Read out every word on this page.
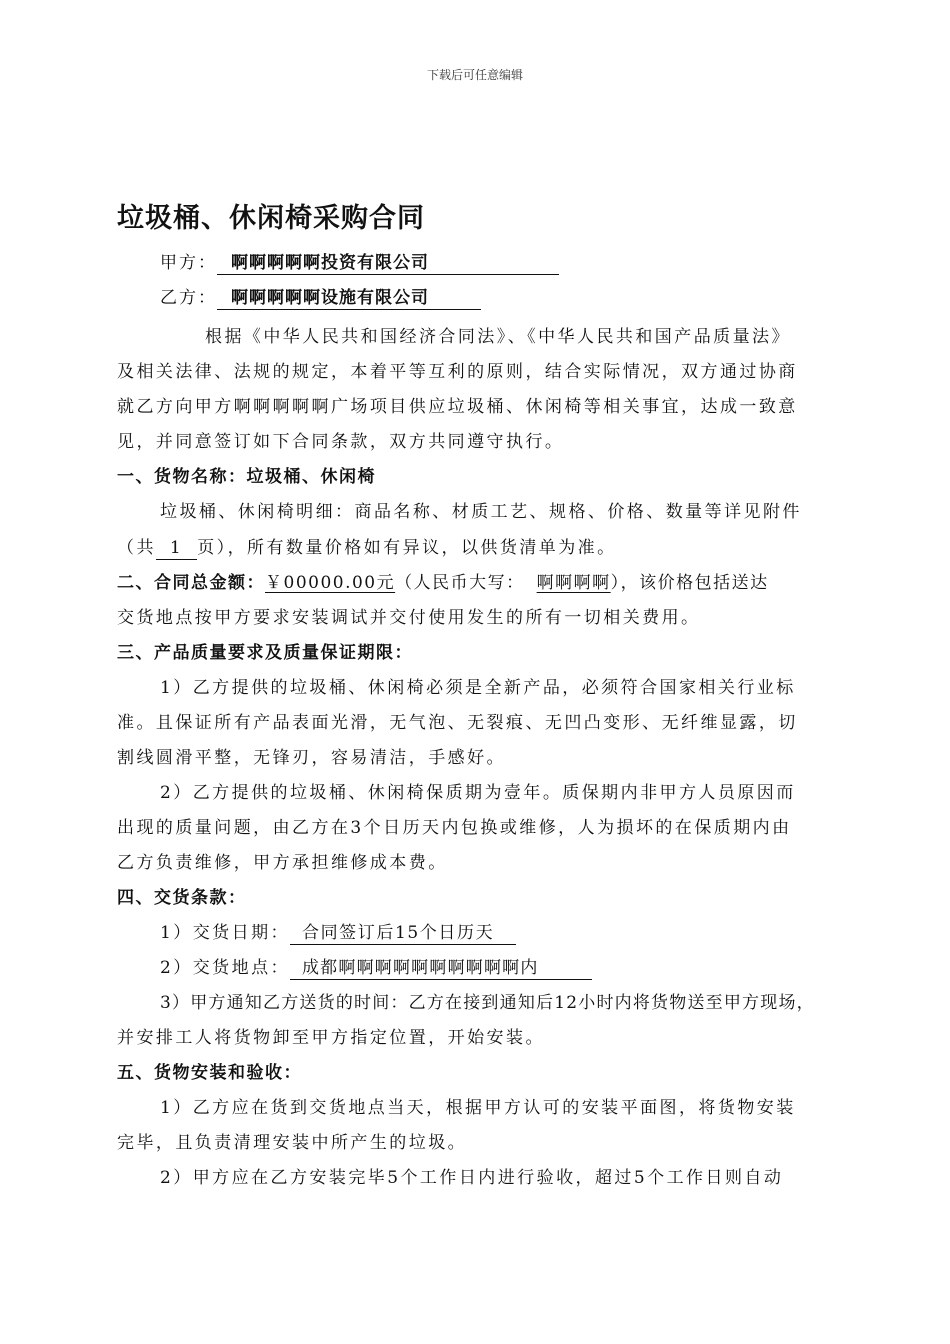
下载后可任意编辑
垃圾桶、休闲椅采购合同
甲方： 啊啊啊啊啊投资有限公司
乙方： 啊啊啊啊啊设施有限公司
根据《中华人民共和国经济合同法》、《中华人民共和国产品质量法》
及相关法律、法规的规定，本着平等互利的原则，结合实际情况，双方通过协商
就乙方向甲方啊啊啊啊啊广场项目供应垃圾桶、休闲椅等相关事宜，达成一致意
见，并同意签订如下合同条款，双方共同遵守执行。
一、货物名称：垃圾桶、休闲椅
垃圾桶、休闲椅明细：商品名称、材质工艺、规格、价格、数量等详见附件
（共 1 页），所有数量价格如有异议，以供货清单为准。
二、合同总金额：￥00000.00元（人民币大写： 啊啊啊啊），该价格包括送达
交货地点按甲方要求安装调试并交付使用发生的所有一切相关费用。
三、产品质量要求及质量保证期限：
1）乙方提供的垃圾桶、休闲椅必须是全新产品，必须符合国家相关行业标
准。且保证所有产品表面光滑，无气泡、无裂痕、无凹凸变形、无纤维显露，切
割线圆滑平整，无锋刃，容易清洁，手感好。
2）乙方提供的垃圾桶、休闲椅保质期为壹年。质保期内非甲方人员原因而
出现的质量问题，由乙方在3个日历天内包换或维修，人为损坏的在保质期内由
乙方负责维修，甲方承担维修成本费。
四、交货条款：
1）交货日期： 合同签订后15个日历天
2）交货地点： 成都啊啊啊啊啊啊啊啊啊啊内
3）甲方通知乙方送货的时间：乙方在接到通知后12小时内将货物送至甲方现场，
并安排工人将货物卸至甲方指定位置，开始安装。
五、货物安装和验收：
1）乙方应在货到交货地点当天，根据甲方认可的安装平面图，将货物安装
完毕，且负责清理安装中所产生的垃圾。
2）甲方应在乙方安装完毕5个工作日内进行验收，超过5个工作日则自动
